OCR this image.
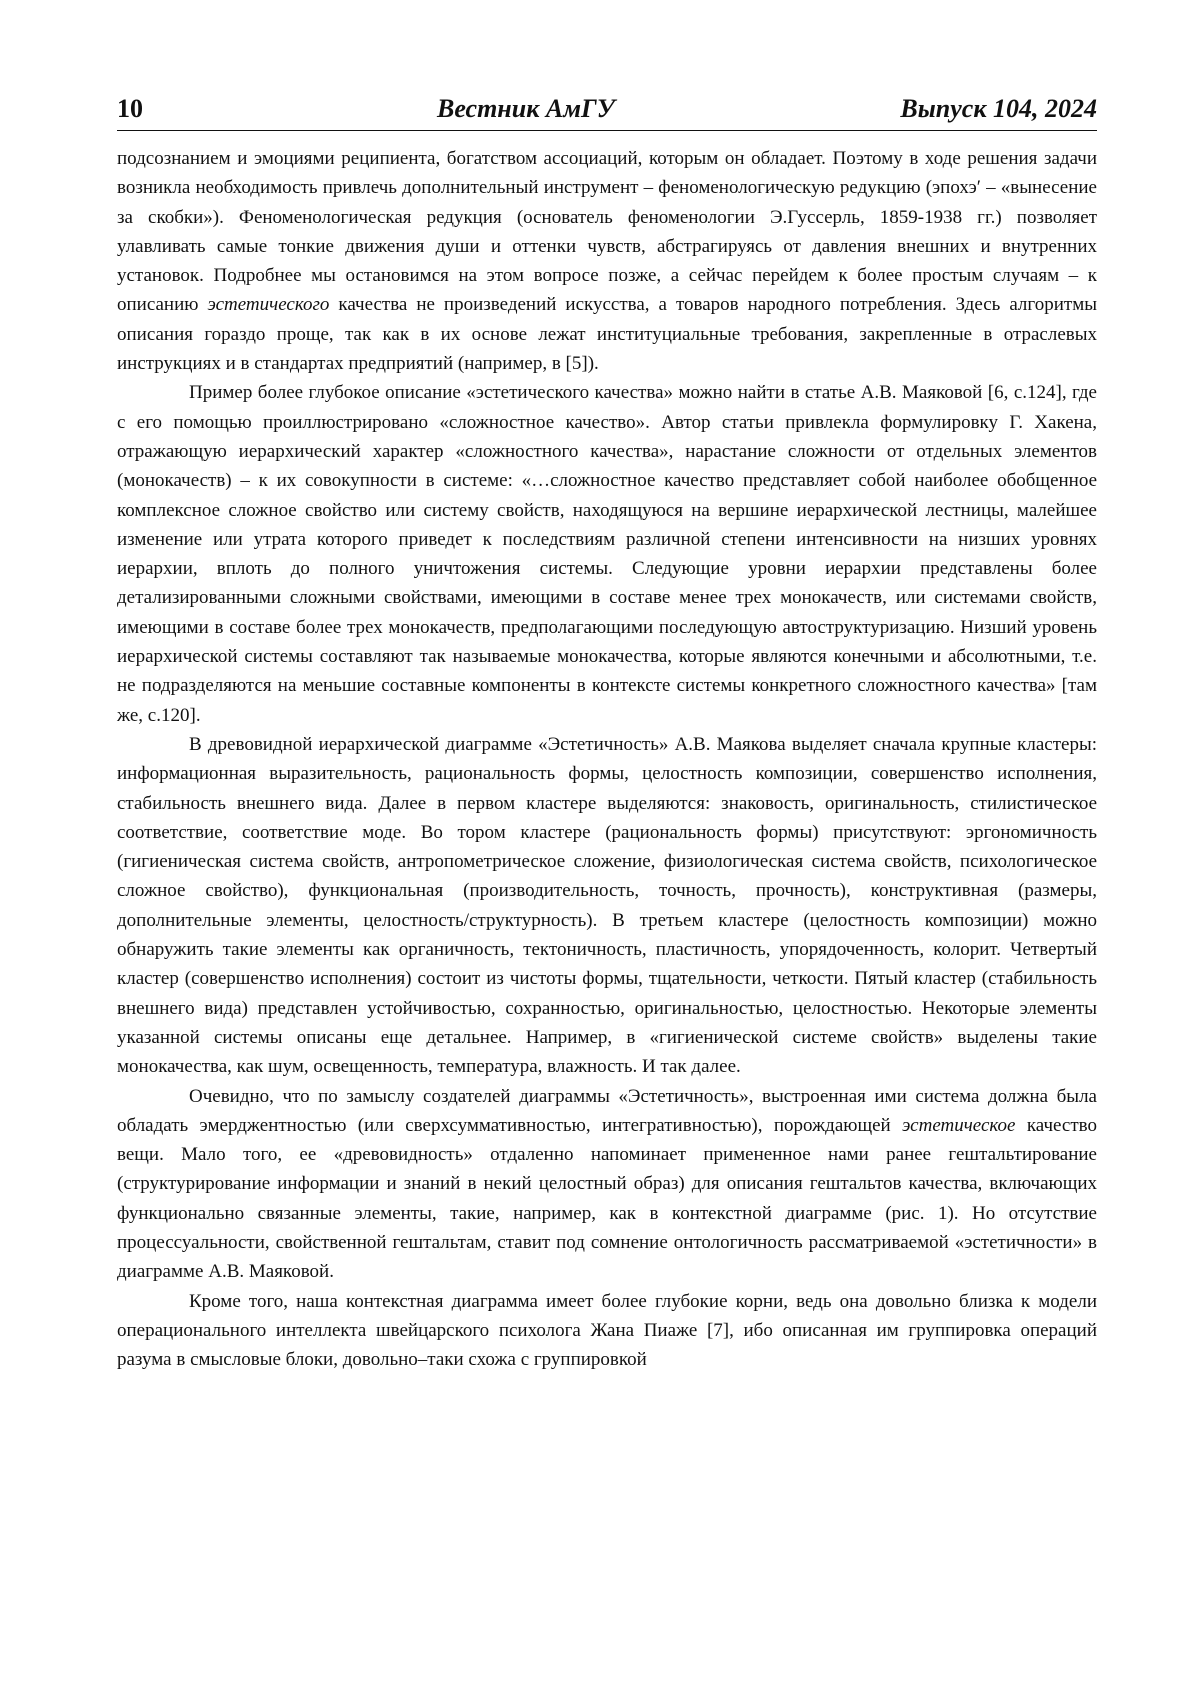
10	Вестник АмГУ	Выпуск 104, 2024

подсознанием и эмоциями реципиента, богатством ассоциаций, которым он обладает. Поэтому в ходе решения задачи возникла необходимость привлечь дополнительный инструмент – феноменологическую редукцию (эпохэ′ – «вынесение за скобки»). Феноменологическая редукция (основатель феноменологии Э.Гуссерль, 1859-1938 гг.) позволяет улавливать самые тонкие движения души и оттенки чувств, абстрагируясь от давления внешних и внутренних установок. Подробнее мы остановимся на этом вопросе позже, а сейчас перейдем к более простым случаям – к описанию эстетического качества не произведений искусства, а товаров народного потребления. Здесь алгоритмы описания гораздо проще, так как в их основе лежат институциальные требования, закрепленные в отраслевых инструкциях и в стандартах предприятий (например, в [5]).

Пример более глубокое описание «эстетического качества» можно найти в статье А.В. Маяковой [6, с.124], где с его помощью проиллюстрировано «сложностное качество». Автор статьи привлекла формулировку Г. Хакена, отражающую иерархический характер «сложностного качества», нарастание сложности от отдельных элементов (монокачеств) – к их совокупности в системе: «…сложностное качество представляет собой наиболее обобщенное комплексное сложное свойство или систему свойств, находящуюся на вершине иерархической лестницы, малейшее изменение или утрата которого приведет к последствиям различной степени интенсивности на низших уровнях иерархии, вплоть до полного уничтожения системы. Следующие уровни иерархии представлены более детализированными сложными свойствами, имеющими в составе менее трех монокачеств, или системами свойств, имеющими в составе более трех монокачеств, предполагающими последующую автоструктуризацию. Низший уровень иерархической системы составляют так называемые монокачества, которые являются конечными и абсолютными, т.е. не подразделяются на меньшие составные компоненты в контексте системы конкретного сложностного качества» [там же, с.120].

В древовидной иерархической диаграмме «Эстетичность» А.В. Маякова выделяет сначала крупные кластеры: информационная выразительность, рациональность формы, целостность композиции, совершенство исполнения, стабильность внешнего вида. Далее в первом кластере выделяются: знаковость, оригинальность, стилистическое соответствие, соответствие моде. Во тором кластере (рациональность формы) присутствуют: эргономичность (гигиеническая система свойств, антропометрическое сложение, физиологическая система свойств, психологическое сложное свойство), функциональная (производительность, точность, прочность), конструктивная (размеры, дополнительные элементы, целостность/структурность). В третьем кластере (целостность композиции) можно обнаружить такие элементы как органичность, тектоничность, пластичность, упорядоченность, колорит. Четвертый кластер (совершенство исполнения) состоит из чистоты формы, тщательности, четкости. Пятый кластер (стабильность внешнего вида) представлен устойчивостью, сохранностью, оригинальностью, целостностью. Некоторые элементы указанной системы описаны еще детальнее. Например, в «гигиенической системе свойств» выделены такие монокачества, как шум, освещенность, температура, влажность. И так далее.

Очевидно, что по замыслу создателей диаграммы «Эстетичность», выстроенная ими система должна была обладать эмерджентностью (или сверхсуммативностью, интегративностью), порождающей эстетическое качество вещи. Мало того, ее «древовидность» отдаленно напоминает примененное нами ранее гештальтирование (структурирование информации и знаний в некий целостный образ) для описания гештальтов качества, включающих функционально связанные элементы, такие, например, как в контекстной диаграмме (рис. 1). Но отсутствие процессуальности, свойственной гештальтам, ставит под сомнение онтологичность рассматриваемой «эстетичности» в диаграмме А.В. Маяковой.

Кроме того, наша контекстная диаграмма имеет более глубокие корни, ведь она довольно близка к модели операционального интеллекта швейцарского психолога Жана Пиаже [7], ибо описанная им группировка операций разума в смысловые блоки, довольно–таки схожа с группировкой
